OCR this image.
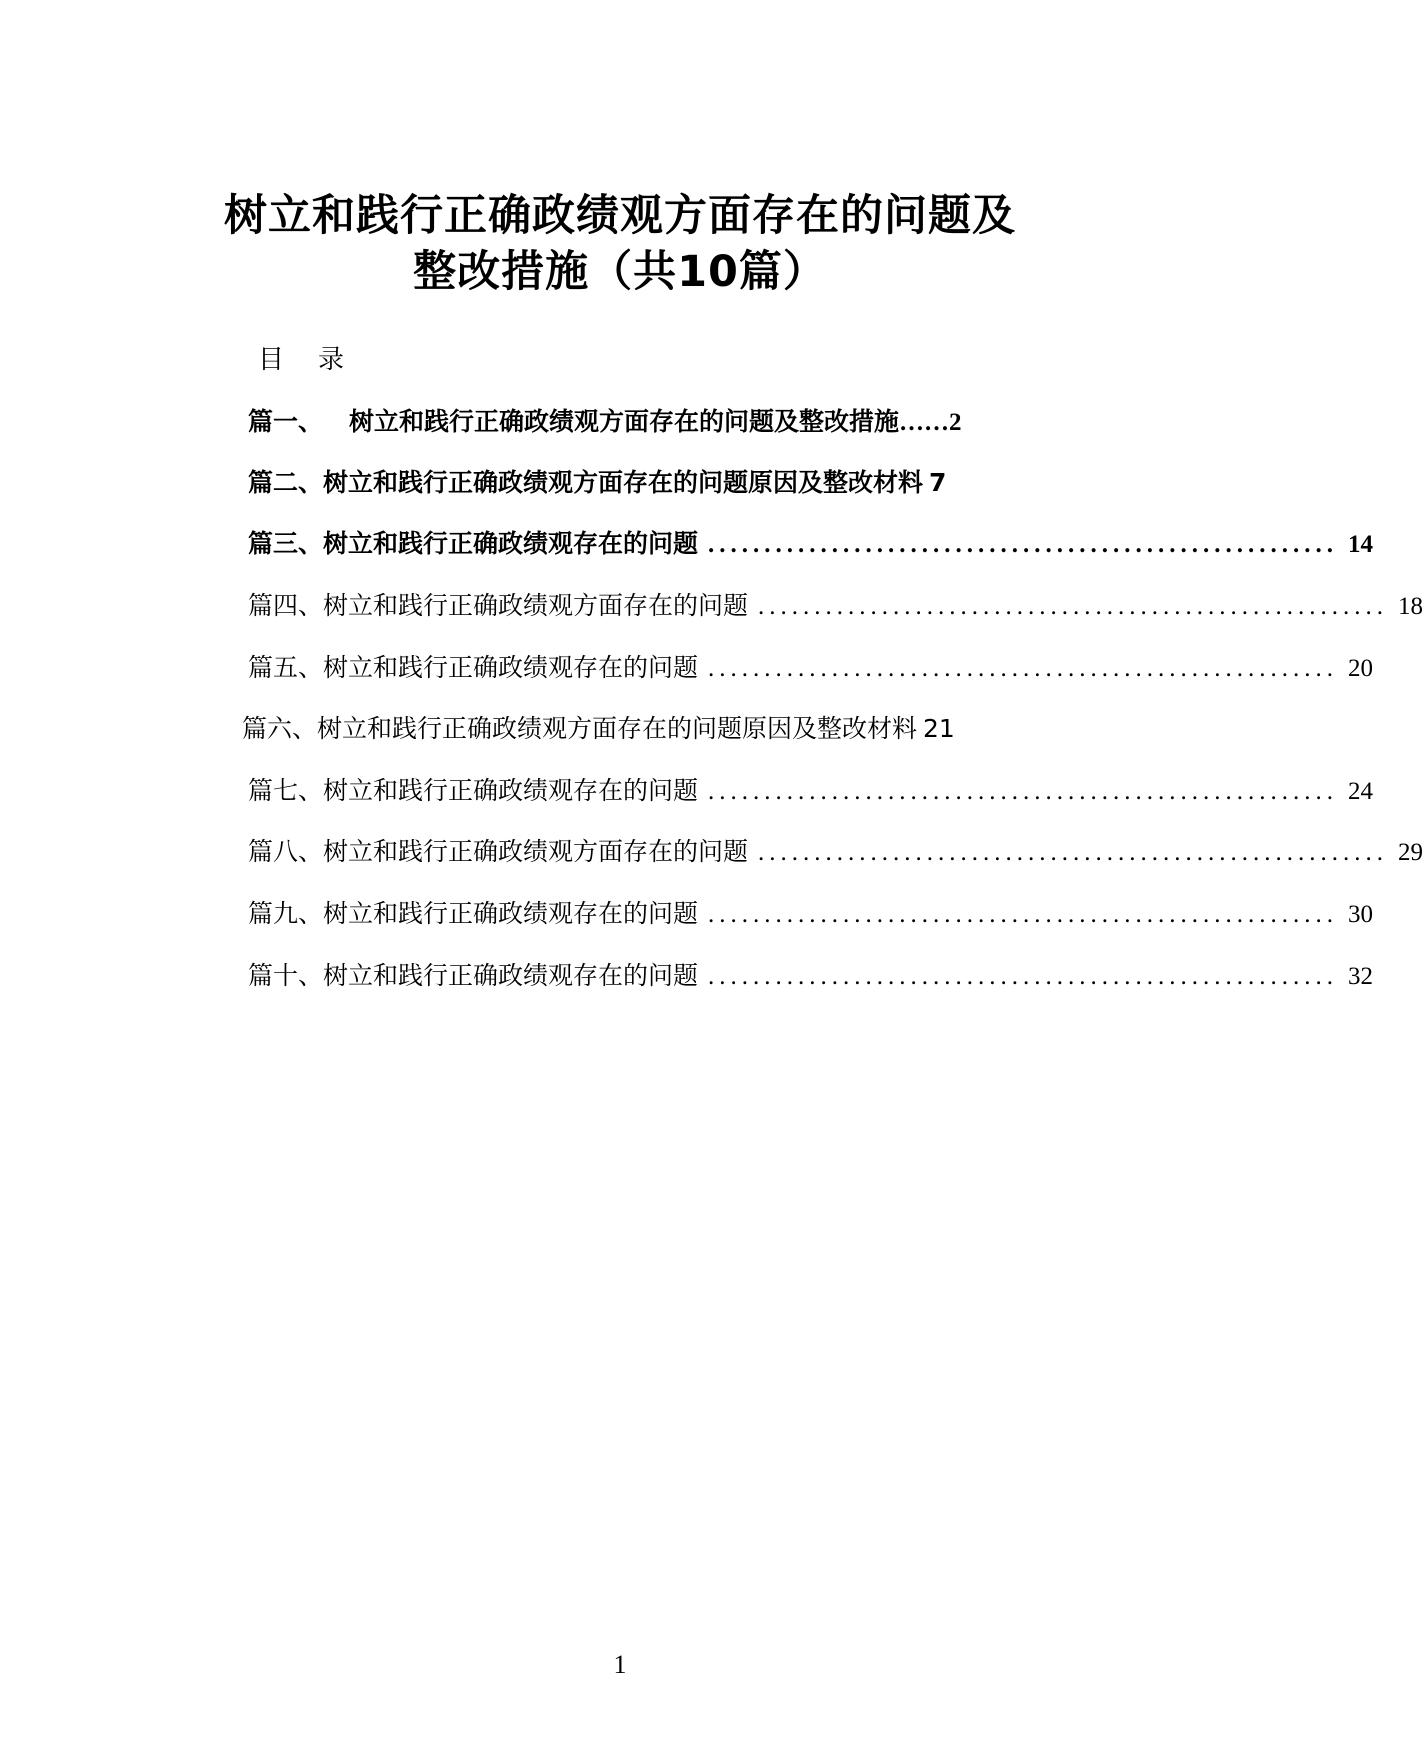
树立和践行正确政绩观方面存在的问题及
整改措施（共10篇）
目 录
篇一、 树立和践行正确政绩观方面存在的问题及整改措施 …… 2
篇二、 树立和践行正确政绩观方面存在的问题原因及整改材料 7
篇三、 树立和践行正确政绩观存在的问题 ........................................................ 14
篇四、 树立和践行正确政绩观方面存在的问题 ........................................................ 18
篇五、 树立和践行正确政绩观存在的问题 ........................................................ 20
篇六、 树立和践行正确政绩观方面存在的问题原因及整改材料 21
篇七、 树立和践行正确政绩观存在的问题 ........................................................ 24
篇八、 树立和践行正确政绩观方面存在的问题 ........................................................ 29
篇九、 树立和践行正确政绩观存在的问题 ........................................................ 30
篇十、 树立和践行正确政绩观存在的问题 ........................................................ 32
1
